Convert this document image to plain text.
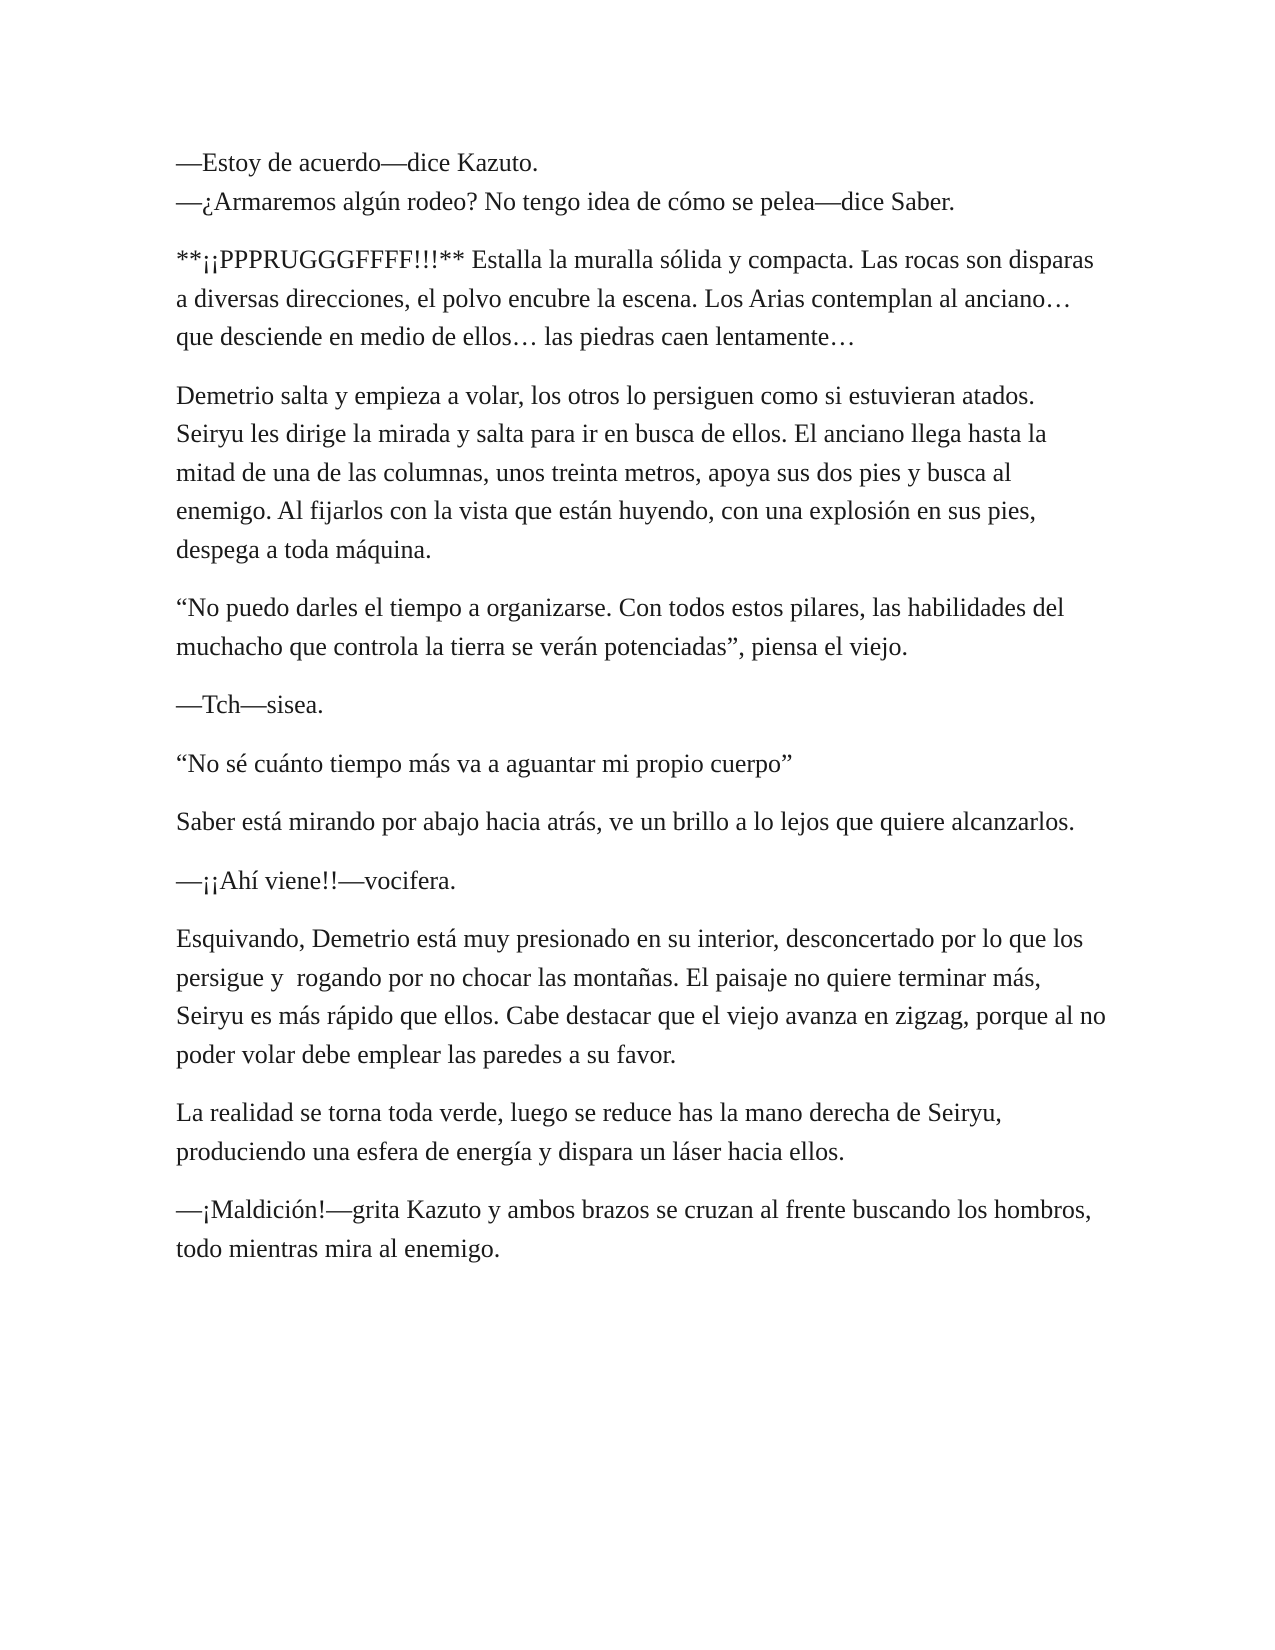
—Estoy de acuerdo—dice Kazuto.

—¿Armaremos algún rodeo? No tengo idea de cómo se pelea—dice Saber.

**¡¡PPPRUGGGFFFF!!!** Estalla la muralla sólida y compacta. Las rocas son disparas a diversas direcciones, el polvo encubre la escena. Los Arias contemplan al anciano… que desciende en medio de ellos… las piedras caen lentamente…

Demetrio salta y empieza a volar, los otros lo persiguen como si estuvieran atados. Seiryu les dirige la mirada y salta para ir en busca de ellos. El anciano llega hasta la mitad de una de las columnas, unos treinta metros, apoya sus dos pies y busca al enemigo. Al fijarlos con la vista que están huyendo, con una explosión en sus pies, despega a toda máquina.

“No puedo darles el tiempo a organizarse. Con todos estos pilares, las habilidades del muchacho que controla la tierra se verán potenciadas”, piensa el viejo.

—Tch—sisea.

“No sé cuánto tiempo más va a aguantar mi propio cuerpo”

Saber está mirando por abajo hacia atrás, ve un brillo a lo lejos que quiere alcanzarlos.

—¡¡Ahí viene!!—vocifera.

Esquivando, Demetrio está muy presionado en su interior, desconcertado por lo que los persigue y  rogando por no chocar las montañas. El paisaje no quiere terminar más, Seiryu es más rápido que ellos. Cabe destacar que el viejo avanza en zigzag, porque al no poder volar debe emplear las paredes a su favor.

La realidad se torna toda verde, luego se reduce has la mano derecha de Seiryu, produciendo una esfera de energía y dispara un láser hacia ellos.

—¡Maldición!—grita Kazuto y ambos brazos se cruzan al frente buscando los hombros, todo mientras mira al enemigo.
